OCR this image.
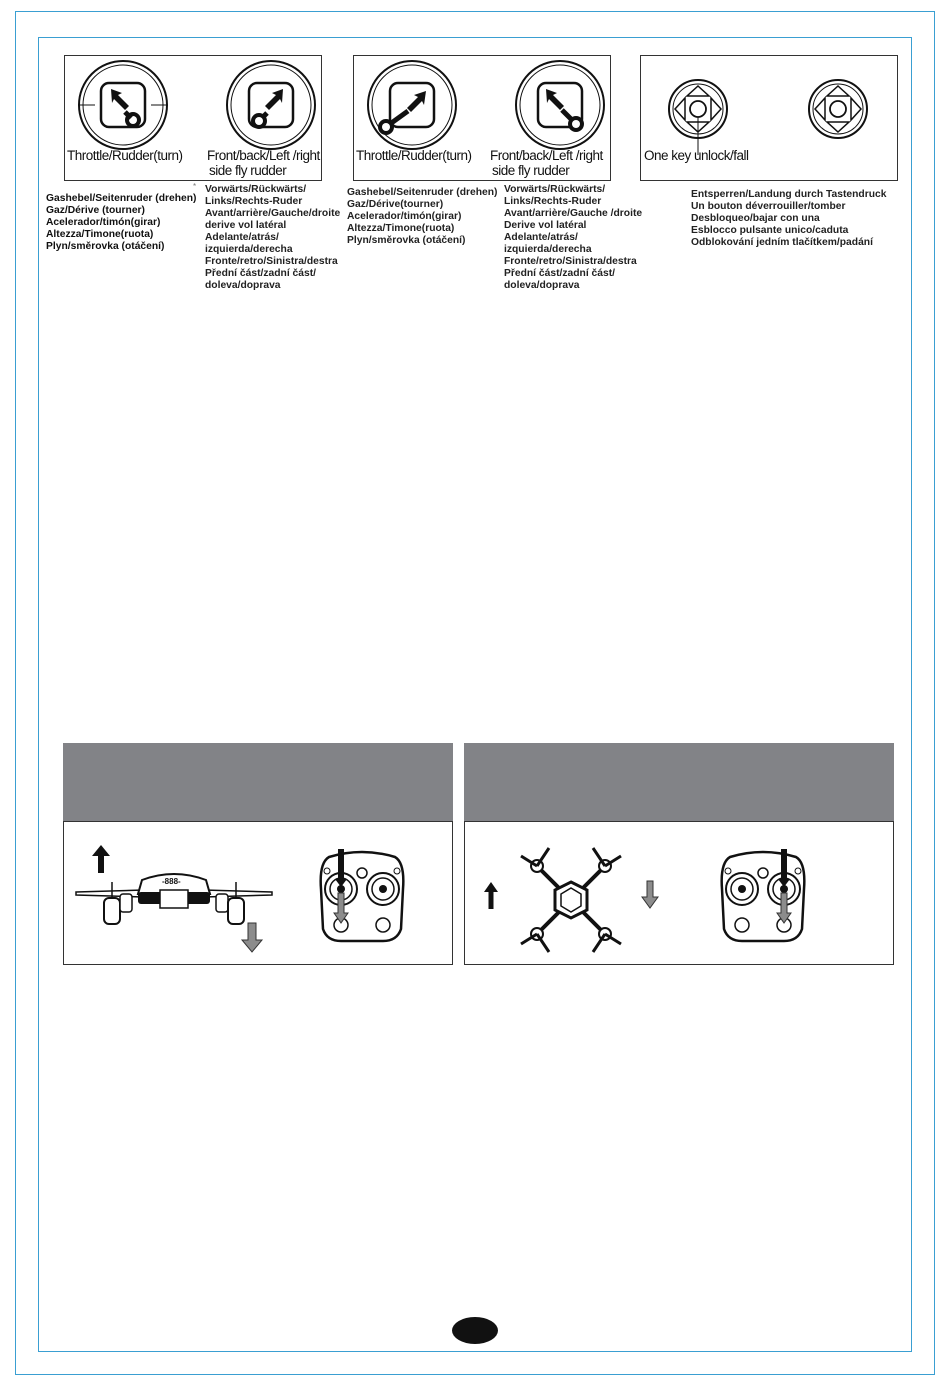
Throttle/Rudder(turn) Front/back/Left /right
side fly rudder
Throttle/Rudder(turn) Front/back/Left /right
side fly rudder
One key unlock/fall
Gashebel/Seitenruder (drehen)
Gaz/Dérive (tourner)
Acelerador/timón(girar)
Altezza/Timone(ruota)
Plyn/směrovka (otáčení)
* Vorwärts/Rückwärts/
Links/Rechts-Ruder
Avant/arrière/Gauche/droite
derive vol latéral
Adelante/atrás/
izquierda/derecha
Fronte/retro/Sinistra/destra
Přední část/zadní část/
doleva/doprava
Gashebel/Seitenruder (drehen)
Gaz/Dérive(tourner)
Acelerador/timón(girar)
Altezza/Timone(ruota)
Plyn/směrovka (otáčení)
Vorwärts/Rückwärts/
Links/Rechts-Ruder
Avant/arrière/Gauche /droite
Derive vol latéral
Adelante/atrás/
izquierda/derecha
Fronte/retro/Sinistra/destra
Přední část/zadní část/
doleva/doprava
Entsperren/Landung durch Tastendruck
Un bouton déverrouiller/tomber
Desbloqueo/bajar con una
Esblocco pulsante unico/caduta
Odblokování jedním tlačítkem/padání
-888-
